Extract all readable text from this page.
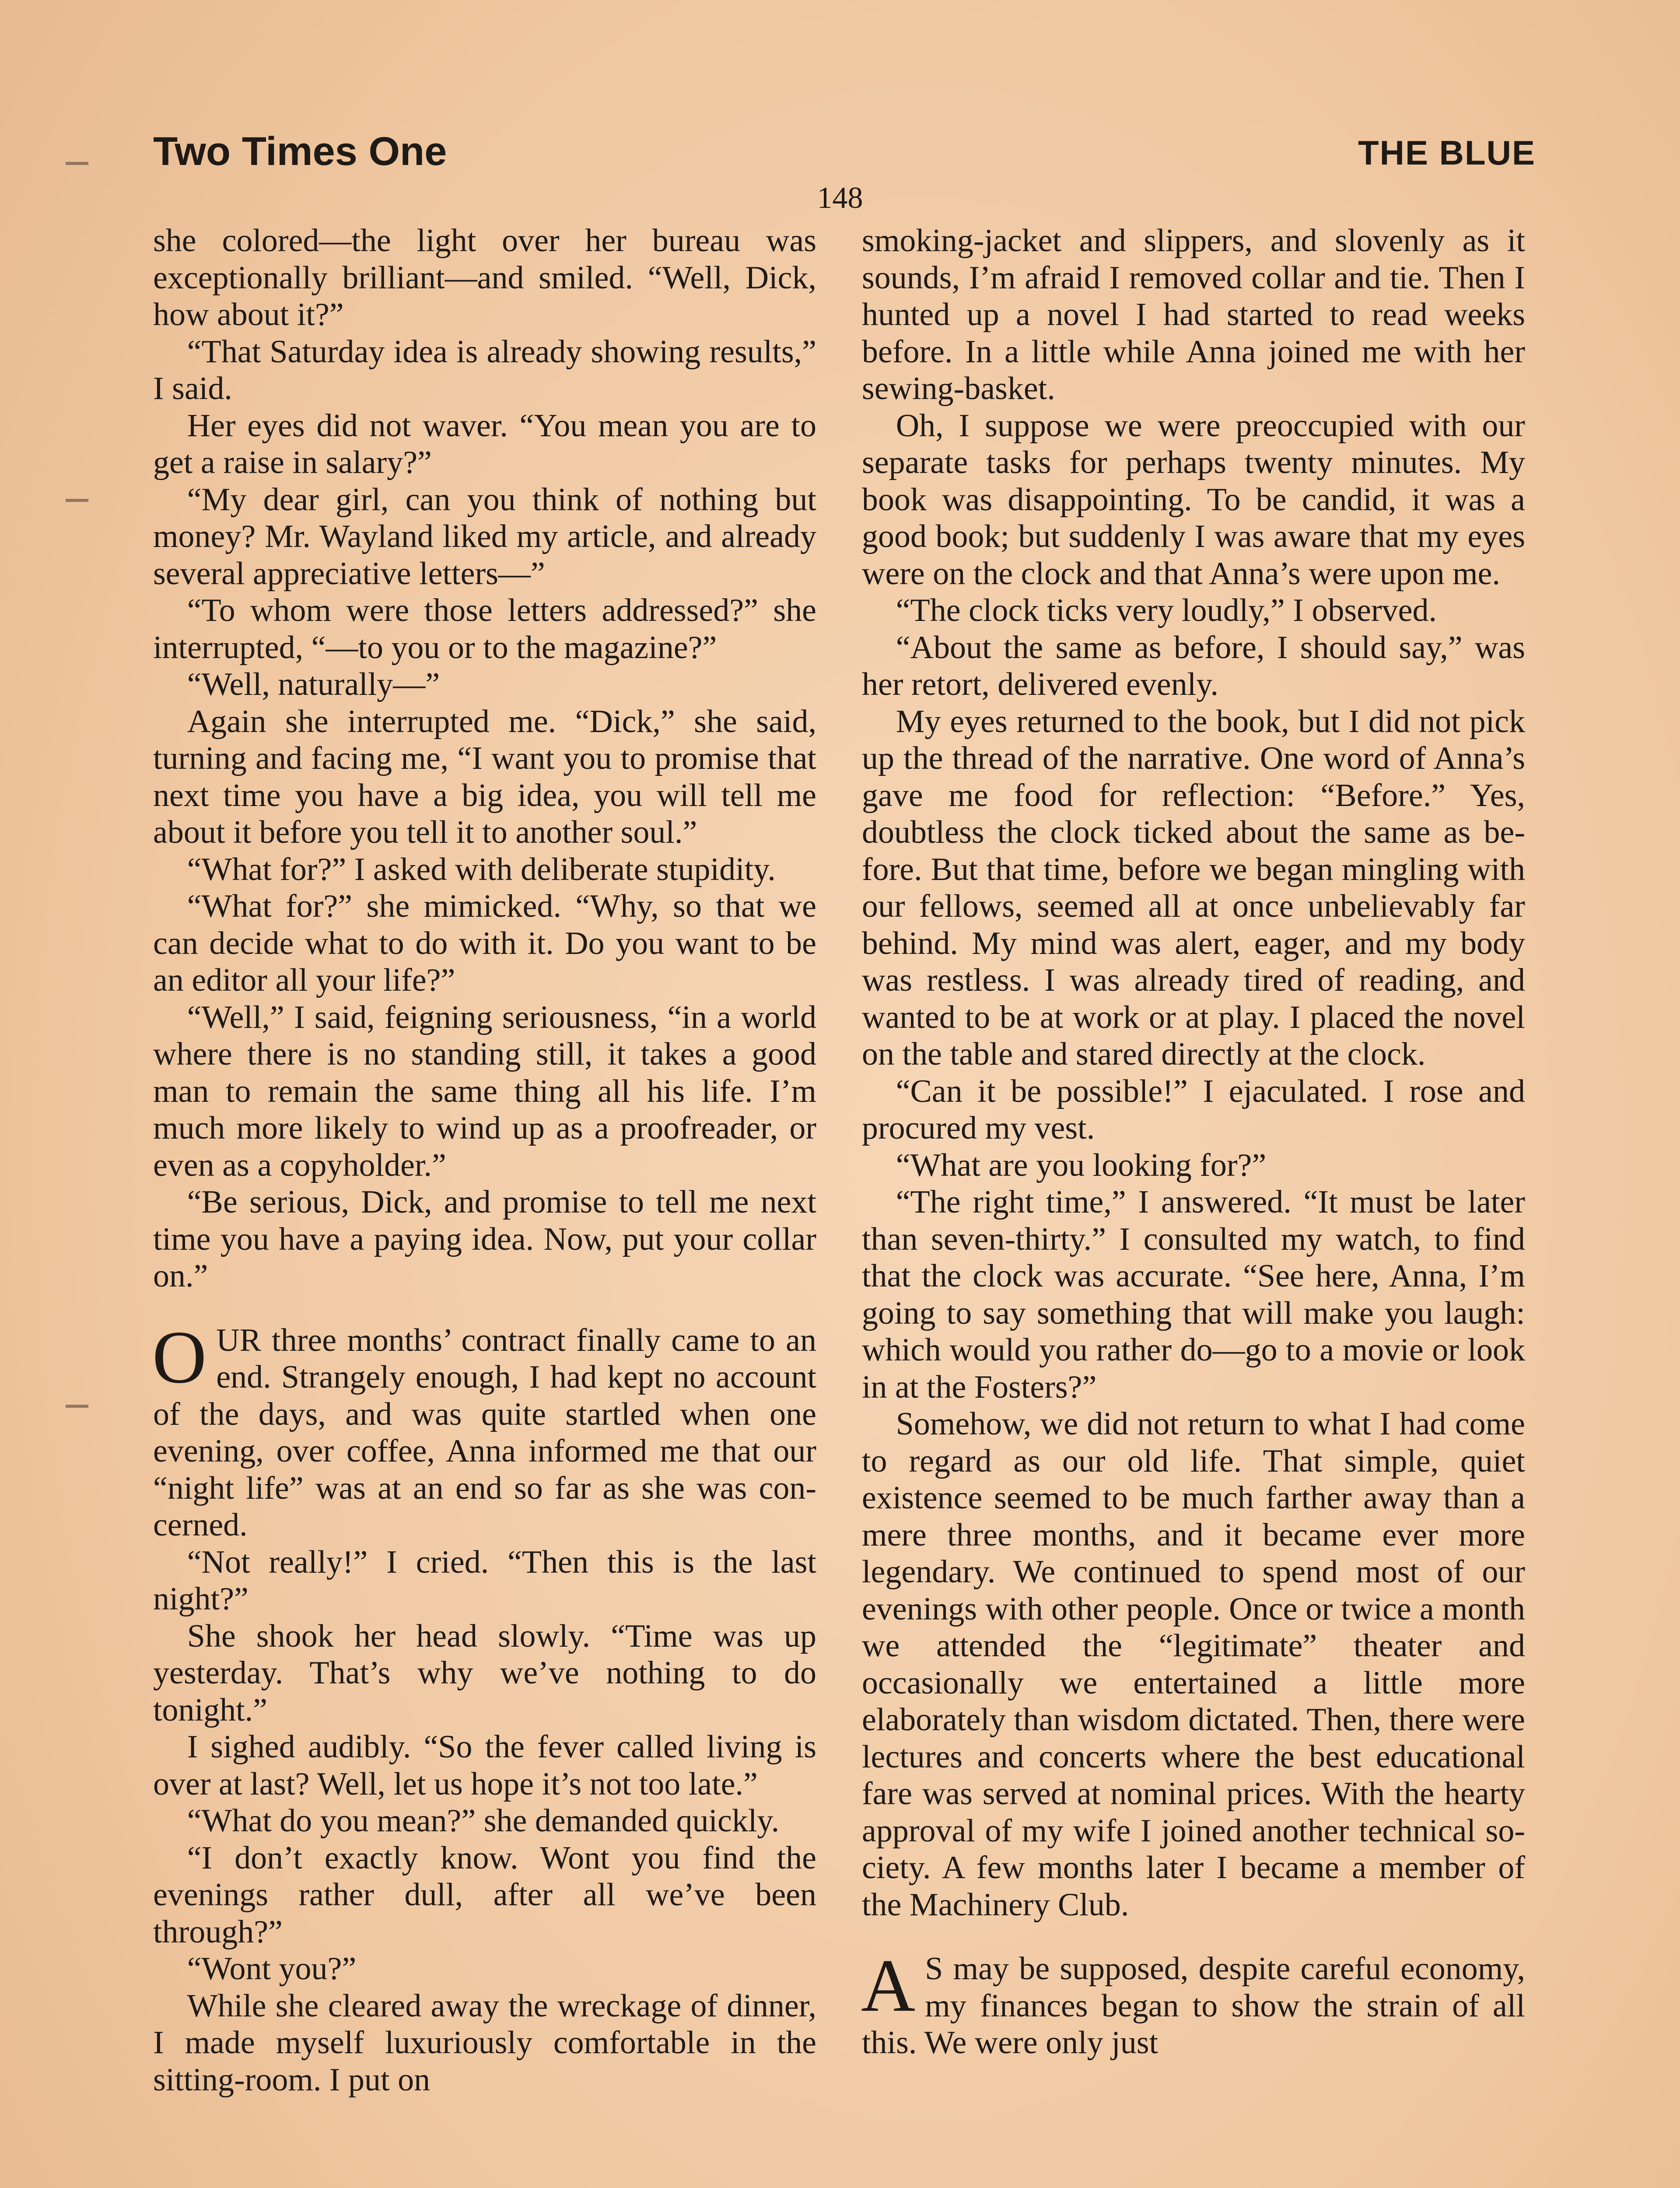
Two Times One	THE BLUE
148

she colored—the light over her bureau was exceptionally brilliant—and smiled. “Well, Dick, how about it?”

“That Saturday idea is already showing results,” I said.

Her eyes did not waver. “You mean you are to get a raise in salary?”

“My dear girl, can you think of nothing but money? Mr. Wayland liked my article, and already several appreciative letters—”

“To whom were those letters addressed?” she interrupted, “—to you or to the magazine?”

“Well, naturally—”

Again she interrupted me. “Dick,” she said, turning and facing me, “I want you to promise that next time you have a big idea, you will tell me about it before you tell it to another soul.”

“What for?” I asked with deliberate stupidity.

“What for?” she mimicked. “Why, so that we can decide what to do with it. Do you want to be an editor all your life?”

“Well,” I said, feigning seriousness, “in a world where there is no standing still, it takes a good man to remain the same thing all his life. I’m much more likely to wind up as a proofreader, or even as a copyholder.”

“Be serious, Dick, and promise to tell me next time you have a paying idea. Now, put your collar on.”

OUR three months’ contract finally came to an end. Strangely enough, I had kept no account of the days, and was quite startled when one evening, over coffee, Anna informed me that our “night life” was at an end so far as she was concerned.

“Not really!” I cried. “Then this is the last night?”

She shook her head slowly. “Time was up yesterday. That’s why we’ve nothing to do tonight.”

I sighed audibly. “So the fever called living is over at last? Well, let us hope it’s not too late.”

“What do you mean?” she demanded quickly.

“I don’t exactly know. Wont you find the evenings rather dull, after all we’ve been through?”

“Wont you?”

While she cleared away the wreckage of dinner, I made myself luxuriously comfortable in the sitting-room. I put on

smoking-jacket and slippers, and slovenly as it sounds, I’m afraid I removed collar and tie. Then I hunted up a novel I had started to read weeks before. In a little while Anna joined me with her sewing-basket.

Oh, I suppose we were preoccupied with our separate tasks for perhaps twenty minutes. My book was disappointing. To be candid, it was a good book; but suddenly I was aware that my eyes were on the clock and that Anna’s were upon me.

“The clock ticks very loudly,” I observed.

“About the same as before, I should say,” was her retort, delivered evenly.

My eyes returned to the book, but I did not pick up the thread of the narrative. One word of Anna’s gave me food for reflection: “Before.” Yes, doubtless the clock ticked about the same as before. But that time, before we began mingling with our fellows, seemed all at once unbelievably far behind. My mind was alert, eager, and my body was restless. I was already tired of reading, and wanted to be at work or at play. I placed the novel on the table and stared directly at the clock.

“Can it be possible!” I ejaculated. I rose and procured my vest.

“What are you looking for?”

“The right time,” I answered. “It must be later than seven-thirty.” I consulted my watch, to find that the clock was accurate. “See here, Anna, I’m going to say something that will make you laugh: which would you rather do—go to a movie or look in at the Fosters?”

Somehow, we did not return to what I had come to regard as our old life. That simple, quiet existence seemed to be much farther away than a mere three months, and it became ever more legendary. We continued to spend most of our evenings with other people. Once or twice a month we attended the “legitimate” theater and occasionally we entertained a little more elaborately than wisdom dictated. Then, there were lectures and concerts where the best educational fare was served at nominal prices. With the hearty approval of my wife I joined another technical society. A few months later I became a member of the Machinery Club.

A S may be supposed, despite careful economy, my finances began to show the strain of all this. We were only just
